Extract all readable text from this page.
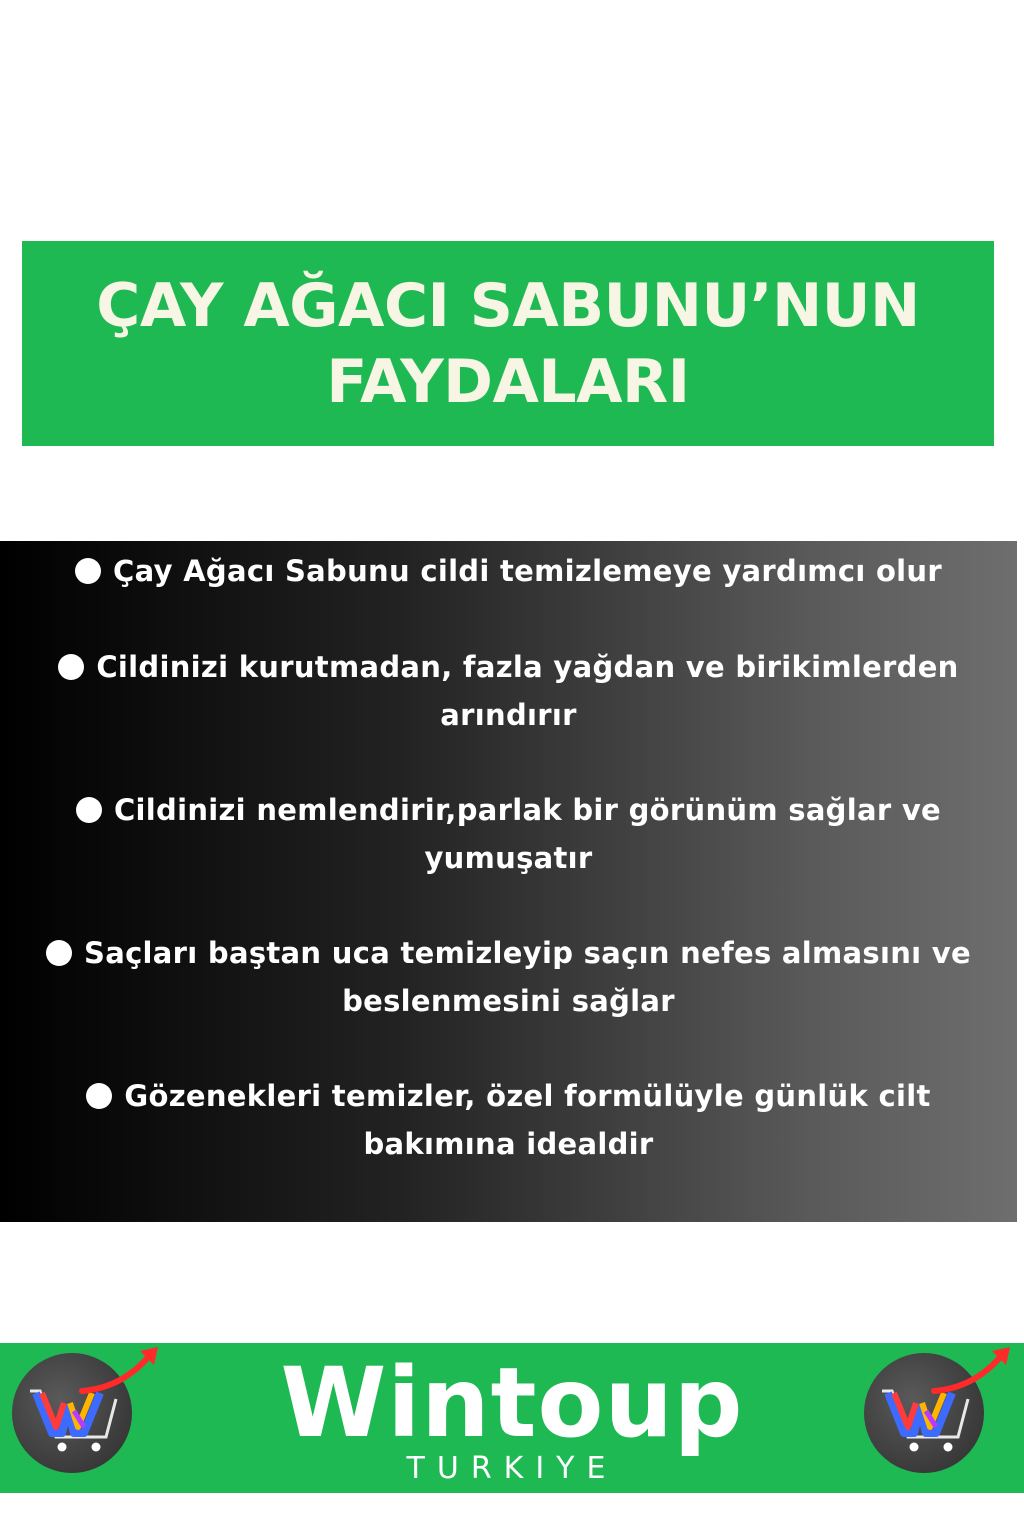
ÇAY AĞACI SABUNU’NUN
FAYDALARI
Çay Ağacı Sabunu cildi temizlemeye yardımcı olur
Cildinizi kurutmadan, fazla yağdan ve birikimlerden
arındırır
Cildinizi nemlendirir,parlak bir görünüm sağlar ve
yumuşatır
Saçları baştan uca temizleyip saçın nefes almasını ve
beslenmesini sağlar
Gözenekleri temizler, özel formülüyle günlük cilt
bakımına idealdir
Wintoup
TURKIYE
